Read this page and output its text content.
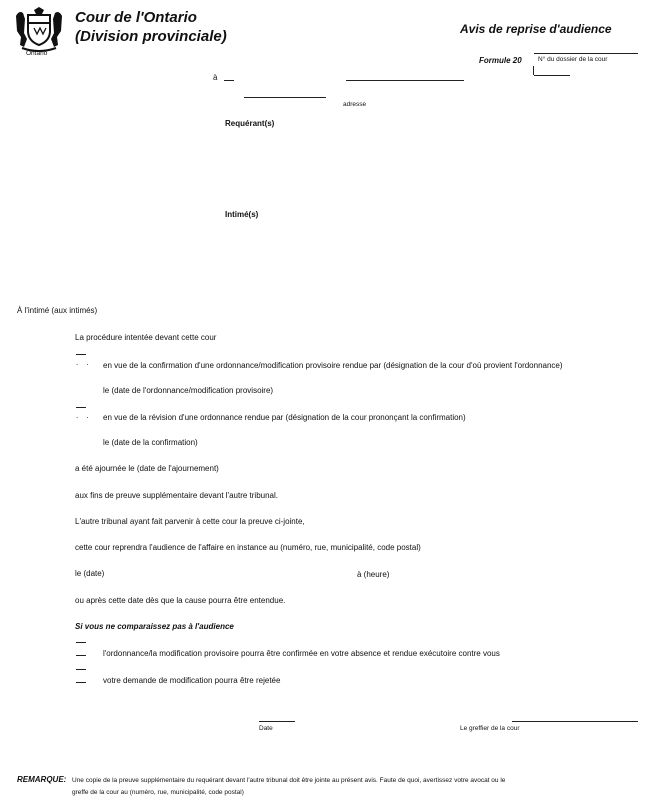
Ontario
Cour de l'Ontario
(Division provinciale)	Avis de reprise d'audience
Formule 20	N° du dossier de la cour
à
adresse
Requérant(s)
Intimé(s)
À l'intimé (aux intimés)
La procédure intentée devant cette cour
. . en vue de la confirmation d'une ordonnance/modification provisoire rendue par (désignation de la cour d'où provient l'ordonnance)
le (date de l'ordonnance/modification provisoire)
. . en vue de la révision d'une ordonnance rendue par (désignation de la cour prononçant la confirmation)
le (date de la confirmation)
a été ajournée le (date de l'ajournement)
aux fins de preuve supplémentaire devant l'autre tribunal.
L'autre tribunal ayant fait parvenir à cette cour la preuve ci-jointe,
cette cour reprendra l'audience de l'affaire en instance au (numéro, rue, municipalité, code postal)
le (date)	à (heure)
ou après cette date dès que la cause pourra être entendue.
Si vous ne comparaissez pas à l'audience
l'ordonnance/la modification provisoire pourra être confirmée en votre absence et rendue exécutoire contre vous
votre demande de modification pourra être rejetée
Date	Le greffier de la cour
REMARQUE: Une copie de la preuve supplémentaire du requérant devant l'autre tribunal doit être jointe au présent avis. Faute de quoi, avertissez votre avocat ou le
greffe de la cour au (numéro, rue, municipalité, code postal)
